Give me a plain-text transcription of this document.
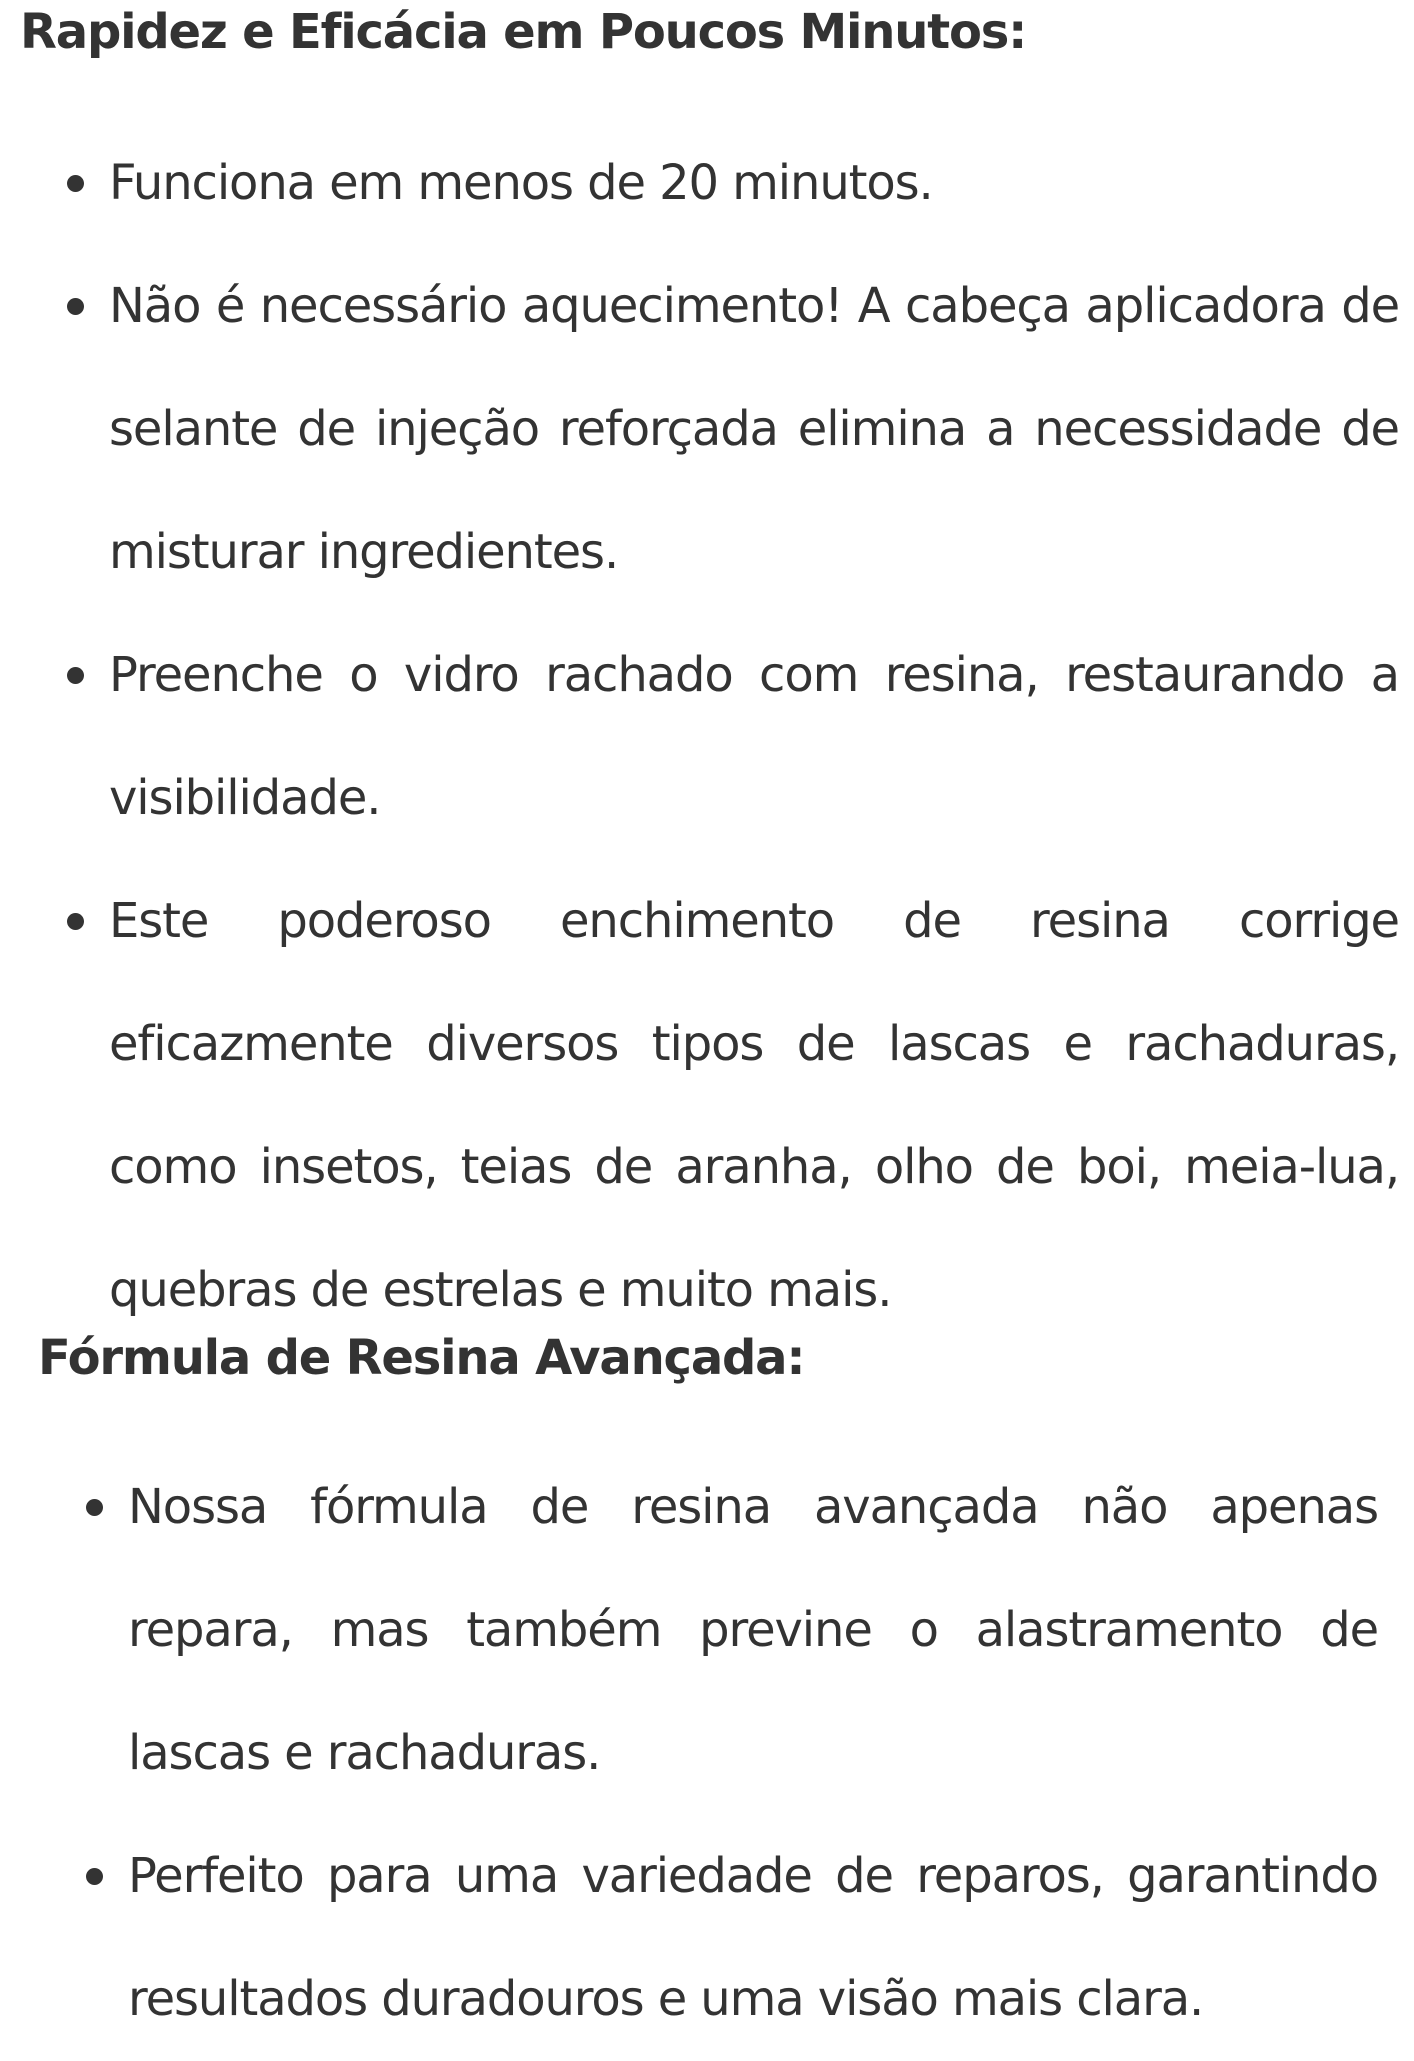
Rapidez e Eficácia em Poucos Minutos:
Funciona em menos de 20 minutos.
Não é necessário aquecimento! A cabeça aplicadora de selante de injeção reforçada elimina a necessidade de misturar ingredientes.
Preenche o vidro rachado com resina, restaurando a visibilidade.
Este poderoso enchimento de resina corrige eficazmente diversos tipos de lascas e rachaduras, como insetos, teias de aranha, olho de boi, meia-lua, quebras de estrelas e muito mais.
Fórmula de Resina Avançada:
Nossa fórmula de resina avançada não apenas repara, mas também previne o alastramento de lascas e rachaduras.
Perfeito para uma variedade de reparos, garantindo resultados duradouros e uma visão mais clara.
